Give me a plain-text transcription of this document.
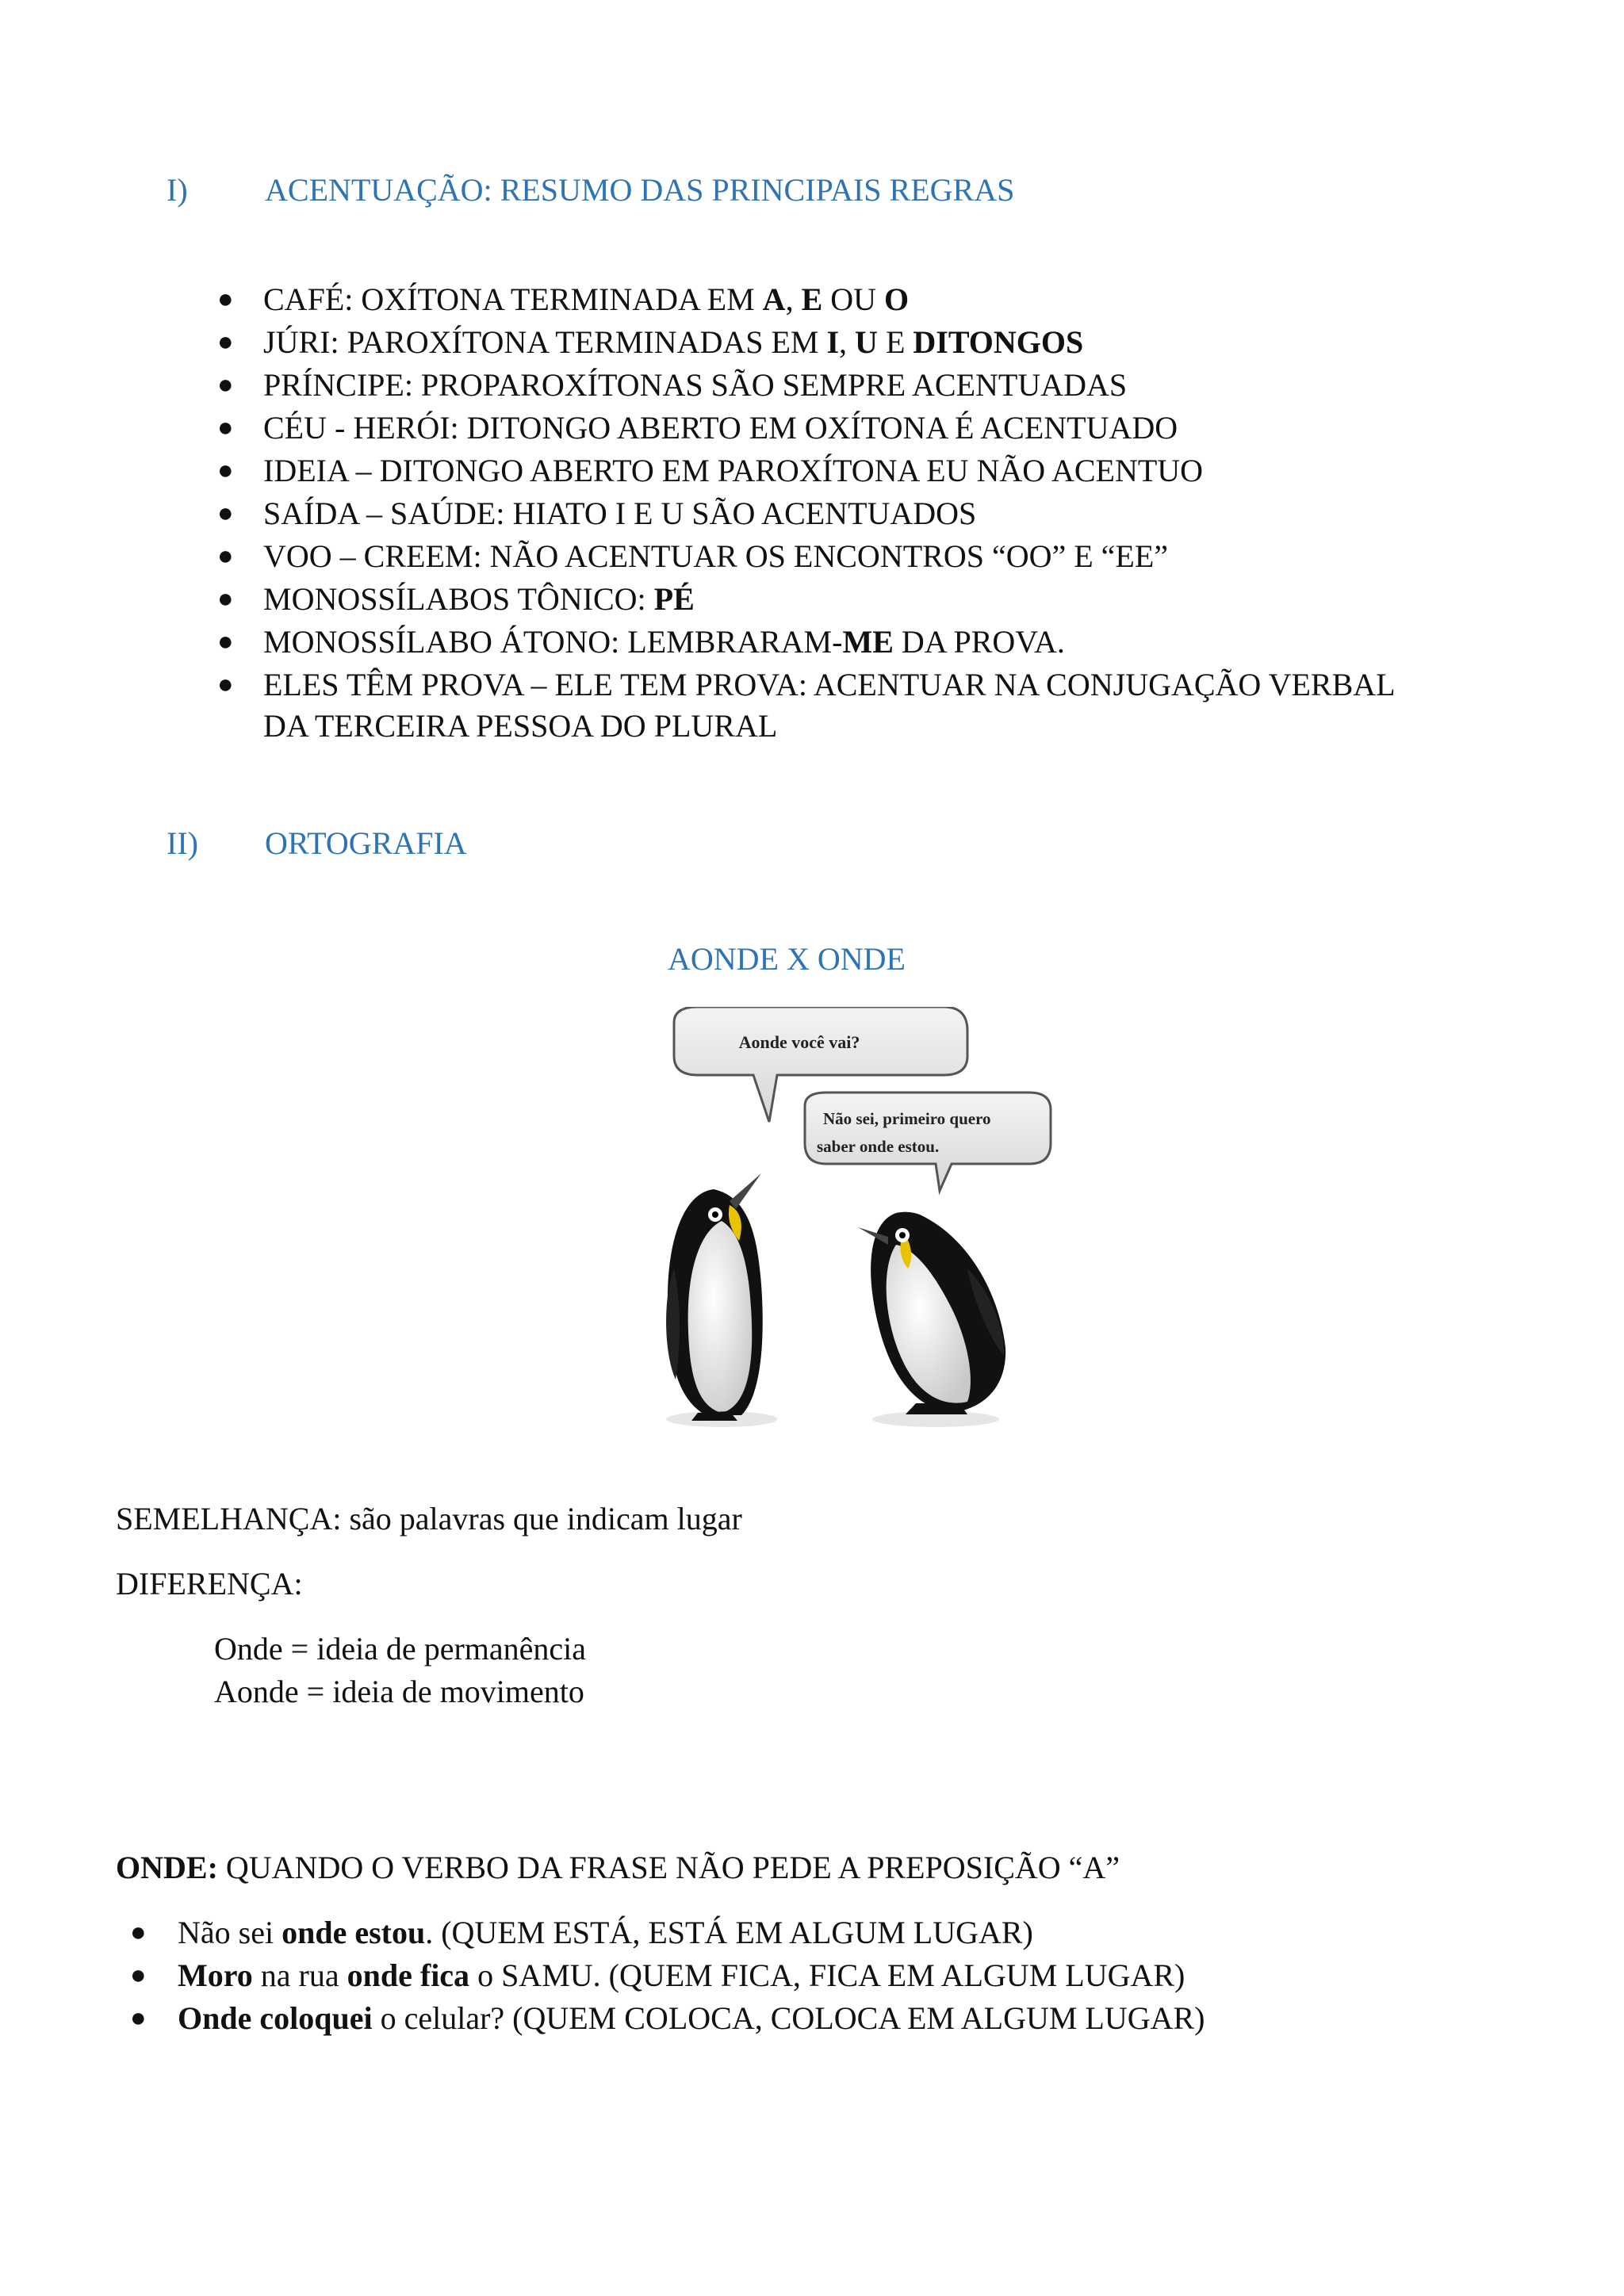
I) ACENTUAÇÃO: RESUMO DAS PRINCIPAIS REGRAS
● CAFÉ: OXÍTONA TERMINADA EM A, E OU O
● JÚRI: PAROXÍTONA TERMINADAS EM I, U E DITONGOS
● PRÍNCIPE: PROPAROXÍTONAS SÃO SEMPRE ACENTUADAS
● CÉU - HERÓI: DITONGO ABERTO EM OXÍTONA É ACENTUADO
● IDEIA – DITONGO ABERTO EM PAROXÍTONA EU NÃO ACENTUO
● SAÍDA – SAÚDE: HIATO I E U SÃO ACENTUADOS
● VOO – CREEM: NÃO ACENTUAR OS ENCONTROS “OO” E “EE”
● MONOSSÍLABOS TÔNICO: PÉ
● MONOSSÍLABO ÁTONO: LEMBRARAM-ME DA PROVA.
● ELES TÊM PROVA – ELE TEM PROVA: ACENTUAR NA CONJUGAÇÃO VERBAL
DA TERCEIRA PESSOA DO PLURAL
II) ORTOGRAFIA
AONDE X ONDE
Aonde você vai?
Não sei, primeiro quero
saber onde estou.
SEMELHANÇA: são palavras que indicam lugar
DIFERENÇA:
Onde = ideia de permanência
Aonde = ideia de movimento
ONDE: QUANDO O VERBO DA FRASE NÃO PEDE A PREPOSIÇÃO “A”
● Não sei onde estou. (QUEM ESTÁ, ESTÁ EM ALGUM LUGAR)
● Moro na rua onde fica o SAMU. (QUEM FICA, FICA EM ALGUM LUGAR)
● Onde coloquei o celular? (QUEM COLOCA, COLOCA EM ALGUM LUGAR)
